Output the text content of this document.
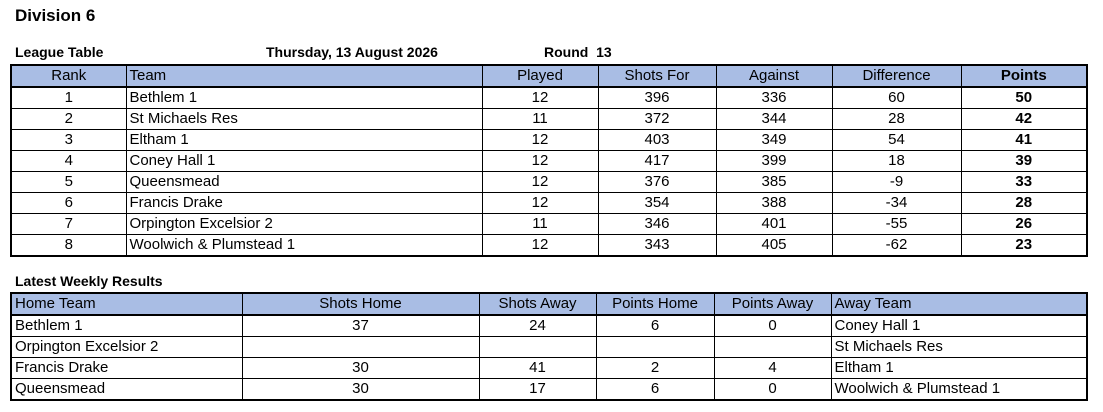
Division 6
League Table	Thursday, 13 August 2026	Round  13
Rank	Team	Played	Shots For	Against	Difference	Points
1	Bethlem 1	12	396	336	60	50
2	St Michaels Res	11	372	344	28	42
3	Eltham 1	12	403	349	54	41
4	Coney Hall 1	12	417	399	18	39
5	Queensmead	12	376	385	-9	33
6	Francis Drake	12	354	388	-34	28
7	Orpington Excelsior 2	11	346	401	-55	26
8	Woolwich & Plumstead 1	12	343	405	-62	23
Latest Weekly Results
Home Team	Shots Home	Shots Away	Points Home	Points Away	Away Team
Bethlem 1	37	24	6	0	Coney Hall 1
Orpington Excelsior 2					St Michaels Res
Francis Drake	30	41	2	4	Eltham 1
Queensmead	30	17	6	0	Woolwich & Plumstead 1
